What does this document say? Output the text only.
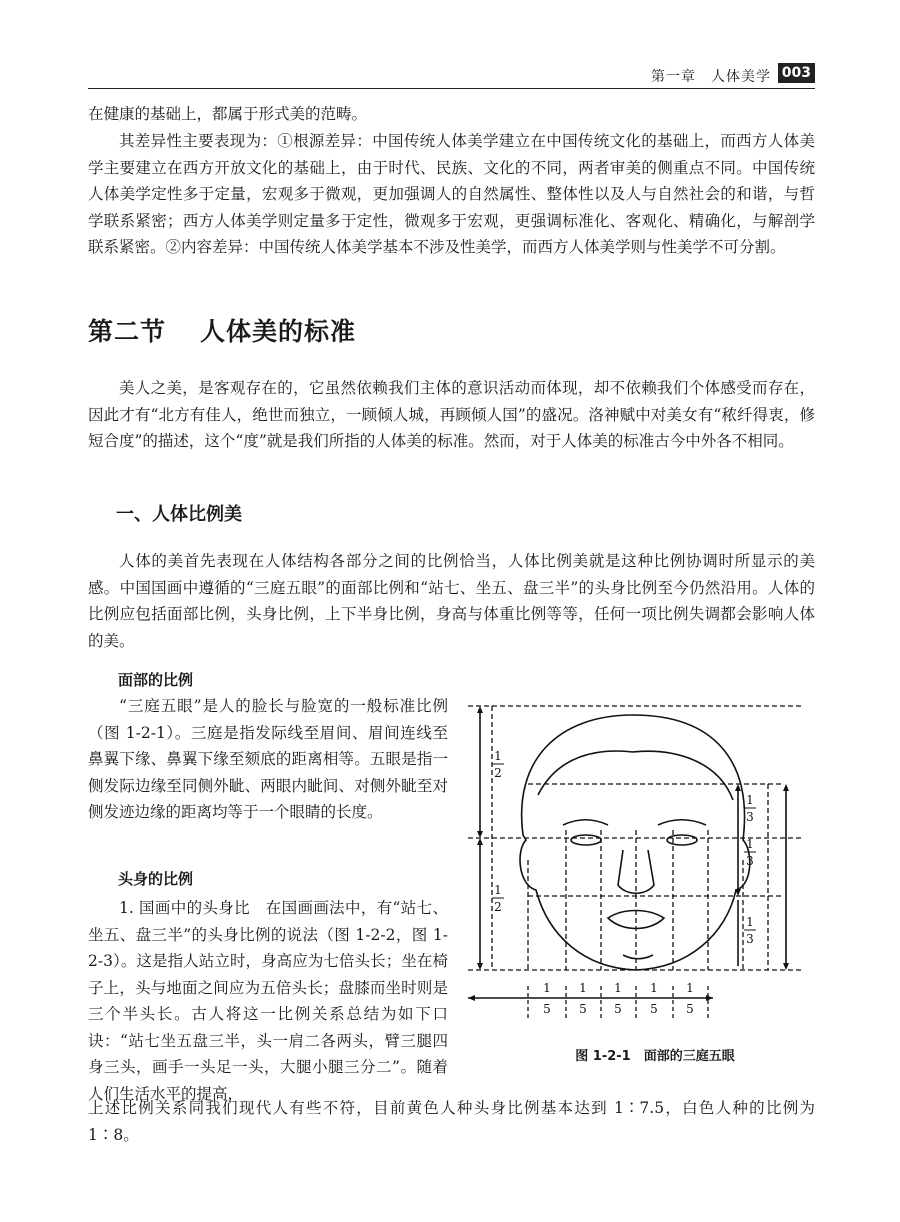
第一章　人体美学 003

在健康的基础上，都属于形式美的范畴。

其差异性主要表现为：①根源差异：中国传统人体美学建立在中国传统文化的基础上，而西方人体美学主要建立在西方开放文化的基础上，由于时代、民族、文化的不同，两者审美的侧重点不同。中国传统人体美学定性多于定量，宏观多于微观，更加强调人的自然属性、整体性以及人与自然社会的和谐，与哲学联系紧密；西方人体美学则定量多于定性，微观多于宏观，更强调标准化、客观化、精确化，与解剖学联系紧密。②内容差异：中国传统人体美学基本不涉及性美学，而西方人体美学则与性美学不可分割。

第二节 人体美的标准

美人之美，是客观存在的，它虽然依赖我们主体的意识活动而体现，却不依赖我们个体感受而存在，因此才有“北方有佳人，绝世而独立，一顾倾人城，再顾倾人国”的盛况。洛神赋中对美女有“秾纤得衷，修短合度”的描述，这个“度”就是我们所指的人体美的标准。然而，对于人体美的标准古今中外各不相同。

一、人体比例美

人体的美首先表现在人体结构各部分之间的比例恰当，人体比例美就是这种比例协调时所显示的美感。中国国画中遵循的“三庭五眼”的面部比例和“站七、坐五、盘三半”的头身比例至今仍然沿用。人体的比例应包括面部比例，头身比例，上下半身比例，身高与体重比例等等，任何一项比例失调都会影响人体的美。

面部的比例

“三庭五眼”是人的脸长与脸宽的一般标准比例（图 1-2-1）。三庭是指发际线至眉间、眉间连线至鼻翼下缘、鼻翼下缘至颏底的距离相等。五眼是指一侧发际边缘至同侧外眦、两眼内眦间、对侧外眦至对侧发迹边缘的距离均等于一个眼睛的长度。

头身的比例

1. 国画中的头身比　在国画画法中，有“站七、坐五、盘三半”的头身比例的说法（图 1-2-2，图 1-2-3）。这是指人站立时，身高应为七倍头长；坐在椅子上，头与地面之间应为五倍头长；盘膝而坐时则是三个半头长。古人将这一比例关系总结为如下口诀：“站七坐五盘三半，头一肩二各两头，臂三腿四身三头，画手一头足一头，大腿小腿三分二”。随着人们生活水平的提高，

上述比例关系同我们现代人有些不符，目前黄色人种头身比例基本达到 1∶7.5，白色人种的比例为 1∶8。

1
2
1
2
1
3
1
3
1
3
1
5
1
5
1
5
1
5
1
5
图 1-2-1　面部的三庭五眼
